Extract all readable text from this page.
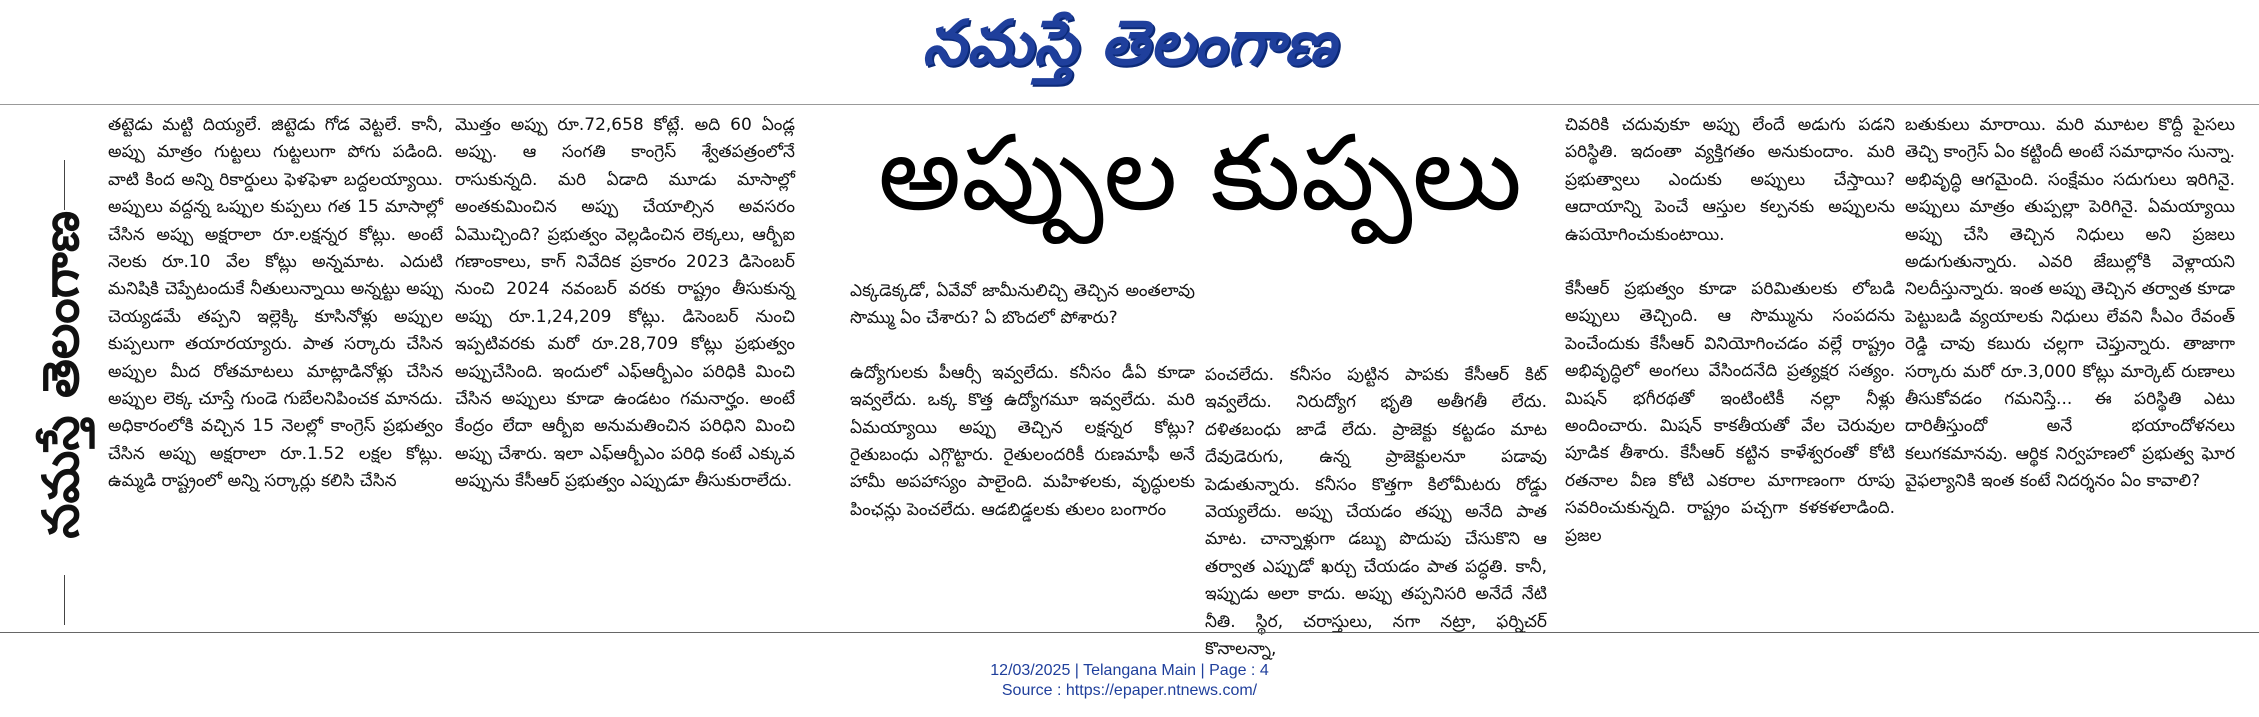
నమస్తే తెలంగాణ
నమస్తే తెలంగాణ

తట్టెడు మట్టి దియ్యలే. జిట్టెడు గోడ వెట్టలే. కానీ, అప్పు మాత్రం గుట్టలు గుట్టలుగా పోగు పడింది. వాటి కింద అన్ని రికార్డులు ఫెళఫెళా బద్దలయ్యాయి. అప్పులు వద్దన్న ఒప్పుల కుప్పలు గత 15 మాసాల్లో చేసిన అప్పు అక్షరాలా రూ.లక్షన్నర కోట్లు. అంటే నెలకు రూ.10 వేల కోట్లు అన్నమాట. ఎదుటి మనిషికి చెప్పేటందుకే నీతులున్నాయి అన్నట్టు అప్పు చెయ్యడమే తప్పని ఇల్లెక్కి కూసినోళ్లు అప్పుల కుప్పలుగా తయారయ్యారు. పాత సర్కారు చేసిన అప్పుల మీద రోతమాటలు మాట్లాడినోళ్లు చేసిన అప్పుల లెక్క చూస్తే గుండె గుబేలనిపించక మానదు. అధికారంలోకి వచ్చిన 15 నెలల్లో కాంగ్రెస్ ప్రభుత్వం చేసిన అప్పు అక్షరాలా రూ.1.52 లక్షల కోట్లు. ఉమ్మడి రాష్ట్రంలో అన్ని సర్కార్లు కలిసి చేసిన

మొత్తం అప్పు రూ.72,658 కోట్లే. అది 60 ఏండ్ల అప్పు. ఆ సంగతి కాంగ్రెస్ శ్వేతపత్రంలోనే రాసుకున్నది. మరి ఏడాది మూడు మాసాల్లో అంతకుమించిన అప్పు చేయాల్సిన అవసరం ఏమొచ్చింది? ప్రభుత్వం వెల్లడించిన లెక్కలు, ఆర్బీఐ గణాంకాలు, కాగ్ నివేదిక ప్రకారం 2023 డిసెంబర్ నుంచి 2024 నవంబర్ వరకు రాష్ట్రం తీసుకున్న అప్పు రూ.1,24,209 కోట్లు. డిసెంబర్ నుంచి ఇప్పటివరకు మరో రూ.28,709 కోట్లు ప్రభుత్వం అప్పుచేసింది. ఇందులో ఎఫ్ఆర్బీఎం పరిధికి మించి చేసిన అప్పులు కూడా ఉండటం గమనార్హం. అంటే కేంద్రం లేదా ఆర్బీఐ అనుమతించిన పరిధిని మించి అప్పు చేశారు. ఇలా ఎఫ్ఆర్బీఎం పరిధి కంటే ఎక్కువ అప్పును కేసీఆర్ ప్రభుత్వం ఎప్పుడూ తీసుకురాలేదు.

అప్పుల కుప్పలు

ఎక్కడెక్కడో, ఏవేవో జామీనులిచ్చి తెచ్చిన అంతలావు సొమ్ము ఏం చేశారు? ఏ బొందలో పోశారు?

ఉద్యోగులకు పీఆర్సీ ఇవ్వలేదు. కనీసం డీఏ కూడా ఇవ్వలేదు. ఒక్క కొత్త ఉద్యోగమూ ఇవ్వలేదు. మరి ఏమయ్యాయి అప్పు తెచ్చిన లక్షన్నర కోట్లు? రైతుబంధు ఎగ్గొట్టారు. రైతులందరికీ రుణమాఫీ అనే హామీ అపహాస్యం పాలైంది. మహిళలకు, వృద్ధులకు పింఛన్లు పెంచలేదు. ఆడబిడ్డలకు తులం బంగారం

పంచలేదు. కనీసం పుట్టిన పాపకు కేసీఆర్ కిట్ ఇవ్వలేదు. నిరుద్యోగ భృతి అతీగతీ లేదు. దళితబంధు జాడే లేదు. ప్రాజెక్టు కట్టడం మాట దేవుడెరుగు, ఉన్న ప్రాజెక్టులనూ పడావు పెడుతున్నారు. కనీసం కొత్తగా కిలోమీటరు రోడ్డు వెయ్యలేదు. అప్పు చేయడం తప్పు అనేది పాత మాట. చాన్నాళ్లుగా డబ్బు పొదుపు చేసుకొని ఆ తర్వాత ఎప్పుడో ఖర్చు చేయడం పాత పద్ధతి. కానీ, ఇప్పుడు అలా కాదు. అప్పు తప్పనిసరి అనేదే నేటి నీతి. స్థిర, చరాస్తులు, నగా నట్రా, ఫర్నిచర్ కొనాలన్నా,

చివరికి చదువుకూ అప్పు లేందే అడుగు పడని పరిస్థితి. ఇదంతా వ్యక్తిగతం అనుకుందాం. మరి ప్రభుత్వాలు ఎందుకు అప్పులు చేస్తాయి? ఆదాయాన్ని పెంచే ఆస్తుల కల్పనకు అప్పులను ఉపయోగించుకుంటాయి.

కేసీఆర్ ప్రభుత్వం కూడా పరిమితులకు లోబడి అప్పులు తెచ్చింది. ఆ సొమ్మును సంపదను పెంచేందుకు కేసీఆర్ వినియోగించడం వల్లే రాష్ట్రం అభివృద్ధిలో అంగలు వేసిందనేది ప్రత్యక్షర సత్యం. మిషన్ భగీరథతో ఇంటింటికీ నల్లా నీళ్లు అందించారు. మిషన్ కాకతీయతో వేల చెరువుల పూడిక తీశారు. కేసీఆర్ కట్టిన కాళేశ్వరంతో కోటి రతనాల వీణ కోటి ఎకరాల మాగాణంగా రూపు సవరించుకున్నది. రాష్ట్రం పచ్చగా కళకళలాడింది. ప్రజల

బతుకులు మారాయి. మరి మూటల కొద్దీ పైసలు తెచ్చి కాంగ్రెస్ ఏం కట్టిందీ అంటే సమాధానం సున్నా. అభివృద్ధి ఆగమైంది. సంక్షేమం సదుగులు ఇరిగినై. అప్పులు మాత్రం తుప్పల్లా పెరిగినై. ఏమయ్యాయి అప్పు చేసి తెచ్చిన నిధులు అని ప్రజలు అడుగుతున్నారు. ఎవరి జేబుల్లోకి వెళ్లాయని నిలదీస్తున్నారు. ఇంత అప్పు తెచ్చిన తర్వాత కూడా పెట్టుబడి వ్యయాలకు నిధులు లేవని సీఎం రేవంత్ రెడ్డి చావు కబురు చల్లగా చెప్తున్నారు. తాజాగా సర్కారు మరో రూ.3,000 కోట్లు మార్కెట్ రుణాలు తీసుకోవడం గమనిస్తే... ఈ పరిస్థితి ఎటు దారితీస్తుందో అనే భయాందోళనలు కలుగకమానవు. ఆర్థిక నిర్వహణలో ప్రభుత్వ ఘోర వైఫల్యానికి ఇంత కంటే నిదర్శనం ఏం కావాలి?

12/03/2025 | Telangana Main | Page : 4
Source : https://epaper.ntnews.com/
